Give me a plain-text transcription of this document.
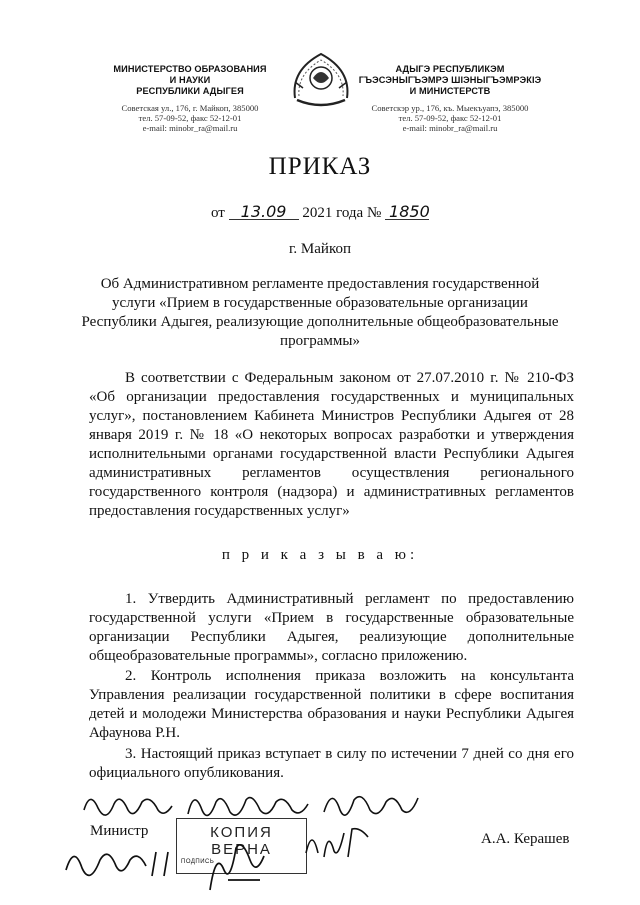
МИНИСТЕРСТВО ОБРАЗОВАНИЯ
И НАУКИ
РЕСПУБЛИКИ АДЫГЕЯ
Советская ул., 176, г. Майкоп, 385000
тел. 57-09-52, факс 52-12-01
e-mail: minobr_ra@mail.ru
АДЫГЭ РЕСПУБЛИКЭМ
ГЪЭСЭНЫГЪЭМРЭ ШIЭНЫГЪЭМРЭКIЭ
И МИНИСТЕРСТВ
Советскэр ур., 176, къ. Мыекъуапэ, 385000
тел. 57-09-52, факс 52-12-01
e-mail: minobr_ra@mail.ru
ПРИКАЗ
от 13.09 2021 года № 1850
г. Майкоп
Об Административном регламенте предоставления государственной услуги «Прием в государственные образовательные организации Республики Адыгея, реализующие дополнительные общеобразовательные программы»
В соответствии с Федеральным законом от 27.07.2010 г. № 210-ФЗ «Об организации предоставления государственных и муниципальных услуг», постановлением Кабинета Министров Республики Адыгея от 28 января 2019 г. № 18 «О некоторых вопросах разработки и утверждения исполнительными органами государственной власти Республики Адыгея административных регламентов осуществления регионального государственного контроля (надзора) и административных регламентов предоставления государственных услуг»
п р и к а з ы в а ю:
1. Утвердить Административный регламент по предоставлению государственной услуги «Прием в государственные образовательные организации Республики Адыгея, реализующие дополнительные общеобразовательные программы», согласно приложению.
2. Контроль исполнения приказа возложить на консультанта Управления реализации государственной политики в сфере воспитания детей и молодежи Министерства образования и науки Республики Адыгея Афаунова Р.Н.
3. Настоящий приказ вступает в силу по истечении 7 дней со дня его официального опубликования.
Министр	КОПИЯ ВЕРНА
ПОДПИСЬ
А.А. Керашев
